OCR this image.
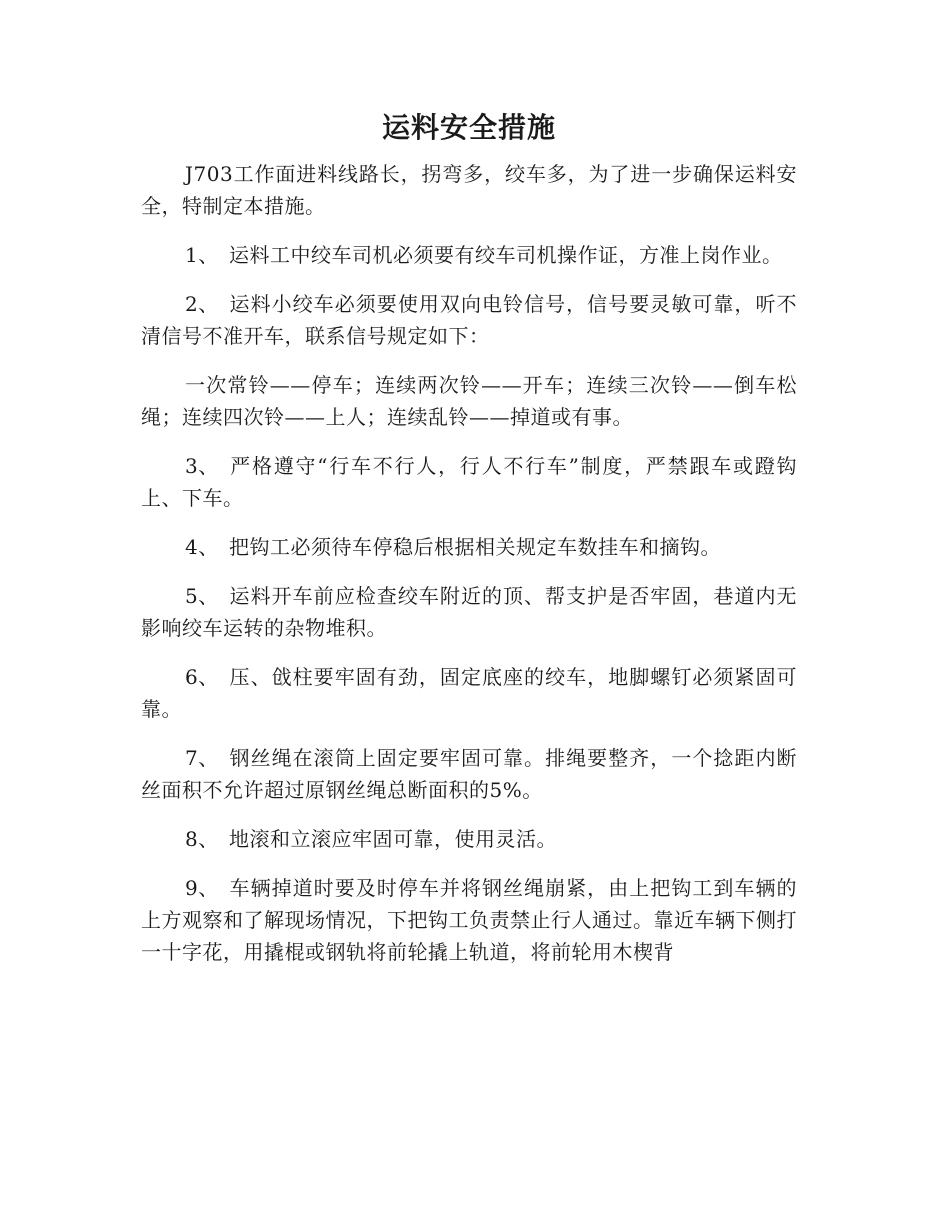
运料安全措施

J703工作面进料线路长，拐弯多，绞车多，为了进一步确保运料安全，特制定本措施。

1、 运料工中绞车司机必须要有绞车司机操作证，方准上岗作业。

2、 运料小绞车必须要使用双向电铃信号，信号要灵敏可靠，听不清信号不准开车，联系信号规定如下：

一次常铃——停车；连续两次铃——开车；连续三次铃——倒车松绳；连续四次铃——上人；连续乱铃——掉道或有事。

3、 严格遵守“行车不行人，行人不行车”制度，严禁跟车或蹬钩上、下车。

4、 把钩工必须待车停稳后根据相关规定车数挂车和摘钩。

5、 运料开车前应检查绞车附近的顶、帮支护是否牢固，巷道内无影响绞车运转的杂物堆积。

6、 压、戗柱要牢固有劲，固定底座的绞车，地脚螺钉必须紧固可靠。

7、 钢丝绳在滚筒上固定要牢固可靠。排绳要整齐，一个捻距内断丝面积不允许超过原钢丝绳总断面积的5%。

8、 地滚和立滚应牢固可靠，使用灵活。

9、 车辆掉道时要及时停车并将钢丝绳崩紧，由上把钩工到车辆的上方观察和了解现场情况，下把钩工负责禁止行人通过。靠近车辆下侧打一十字花，用撬棍或钢轨将前轮撬上轨道，将前轮用木楔背
